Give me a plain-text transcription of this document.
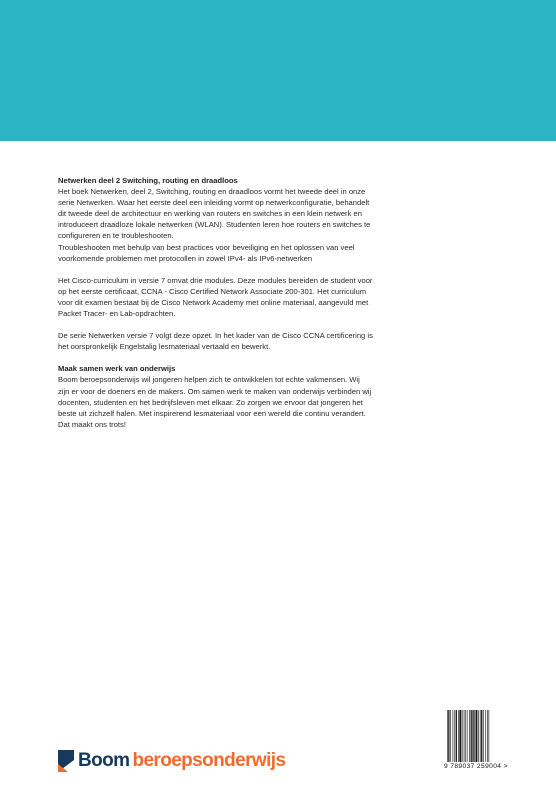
Netwerken deel 2 Switching, routing en draadloos

Het boek Netwerken, deel 2, Switching, routing en draadloos vormt het tweede deel in onze

serie Netwerken. Waar het eerste deel een inleiding vormt op netwerkconfiguratie, behandelt

dit tweede deel de architectuur en werking van routers en switches in een klein netwerk en

introduceert draadloze lokale netwerken (WLAN). Studenten leren hoe routers en switches te

configureren en te troubleshooten.

Troubleshooten met behulp van best practices voor beveiliging en het oplossen van veel

voorkomende problemen met protocollen in zowel IPv4- als IPv6-netwerken

Het Cisco-curriculum in versie 7 omvat drie modules. Deze modules bereiden de student voor

op het eerste certificaat, CCNA - Cisco Certified Network Associate 200-301. Het curriculum

voor dit examen bestaat bij de Cisco Network Academy met online materiaal, aangevuld met

Packet Tracer- en Lab-opdrachten.

De serie Netwerken versie 7 volgt deze opzet. In het kader van de Cisco CCNA certificering is

het oorspronkelijk Engelstalig lesmateriaal vertaald en bewerkt.

Maak samen werk van onderwijs

Boom beroepsonderwijs wil jongeren helpen zich te ontwikkelen tot echte vakmensen. Wij

zijn er voor de doeners en de makers. Om samen werk te maken van onderwijs verbinden wij

docenten, studenten en het bedrijfsleven met elkaar. Zo zorgen we ervoor dat jongeren het

beste uit zichzelf halen. Met inspirerend lesmateriaal voor een wereld die continu verandert.

Dat maakt ons trots!

Boom beroepsonderwijs	9 789037 259004 >
